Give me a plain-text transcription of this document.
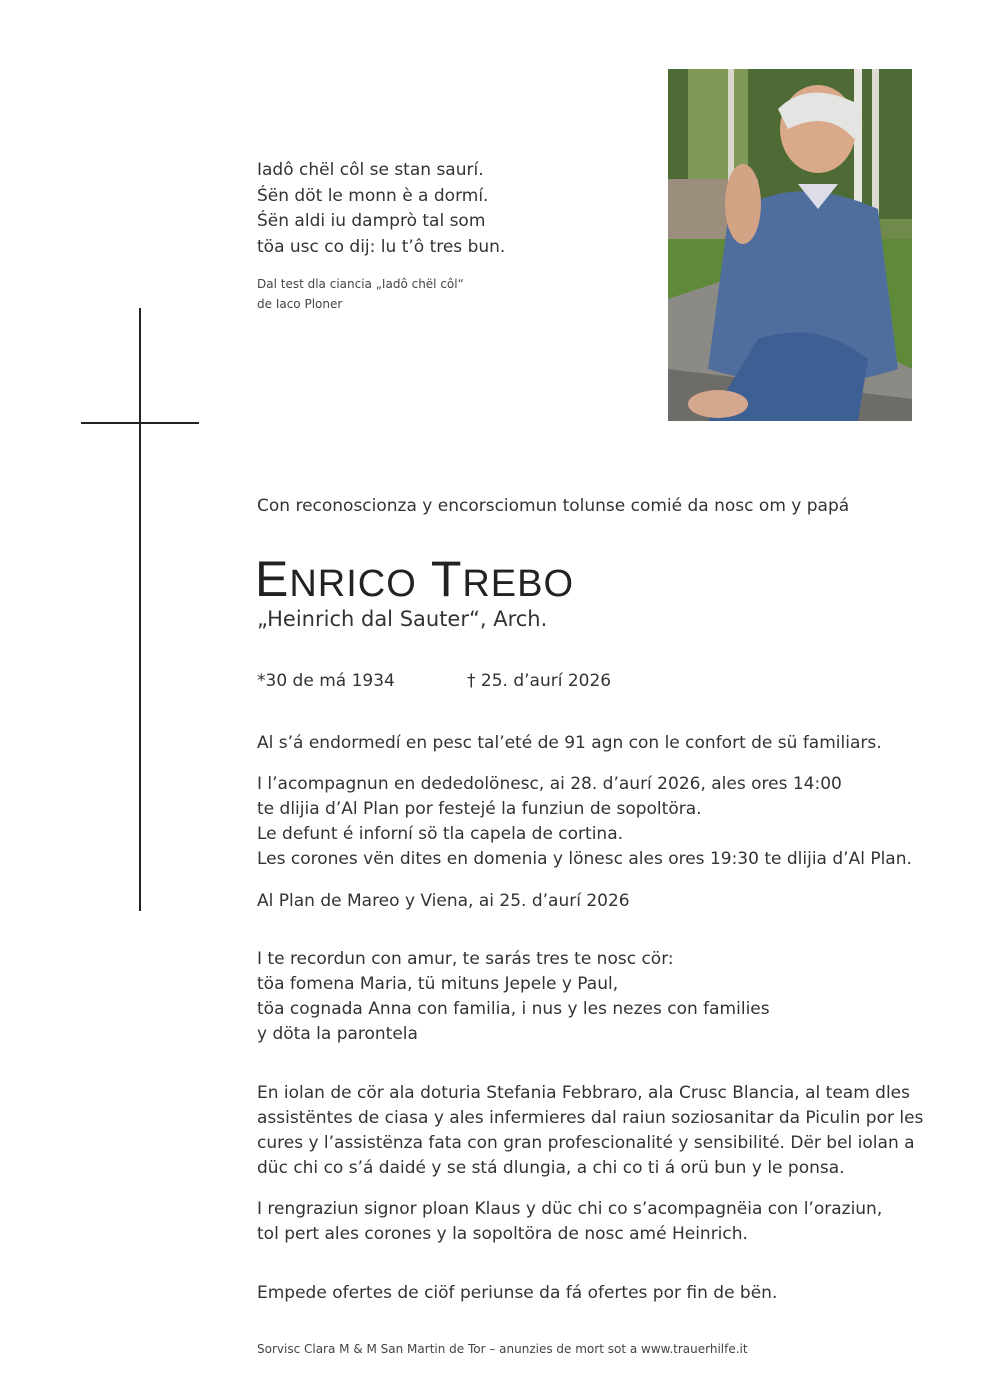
Iadô chël côl se stan saurí.
Śën döt le monn è a dormí.
Śën aldi iu damprò tal som
töa usc co dij: lu t’ô tres bun.
Dal test dla ciancia „Iadô chël côl“
de Iaco Ploner
Con reconoscionza y encorsciomun tolunse comié da nosc om y papá
ENRICO TREBO
„Heinrich dal Sauter“, Arch.
*30 de má 1934	† 25. d’aurí 2026
Al s’á endormedí en pesc tal’eté de 91 agn con le confort de sü familiars.
I l’acompagnun en dededolönesc, ai 28. d’aurí 2026, ales ores 14:00
te dlijia d’Al Plan por festejé la funziun de sopoltöra.
Le defunt é inforní sö tla capela de cortina.
Les corones vën dites en domenia y lönesc ales ores 19:30 te dlijia d’Al Plan.
Al Plan de Mareo y Viena, ai 25. d’aurí 2026
I te recordun con amur, te sarás tres te nosc cör:
töa fomena Maria, tü mituns Jepele y Paul,
töa cognada Anna con familia, i nus y les nezes con families
y döta la parontela
En iolan de cör ala doturia Stefania Febbraro, ala Crusc Blancia, al team dles
assistëntes de ciasa y ales infermieres dal raiun soziosanitar da Piculin por les
cures y l’assistënza fata con gran profescionalité y sensibilité. Dër bel iolan a
düc chi co s’á daidé y se stá dlungia, a chi co ti á orü bun y le ponsa.
I rengraziun signor ploan Klaus y düc chi co s’acompagnëia con l’oraziun,
tol pert ales corones y la sopoltöra de nosc amé Heinrich.
Empede ofertes de ciöf periunse da fá ofertes por fin de bën.
Sorvisc Clara M & M San Martin de Tor – anunzies de mort sot a www.trauerhilfe.it
